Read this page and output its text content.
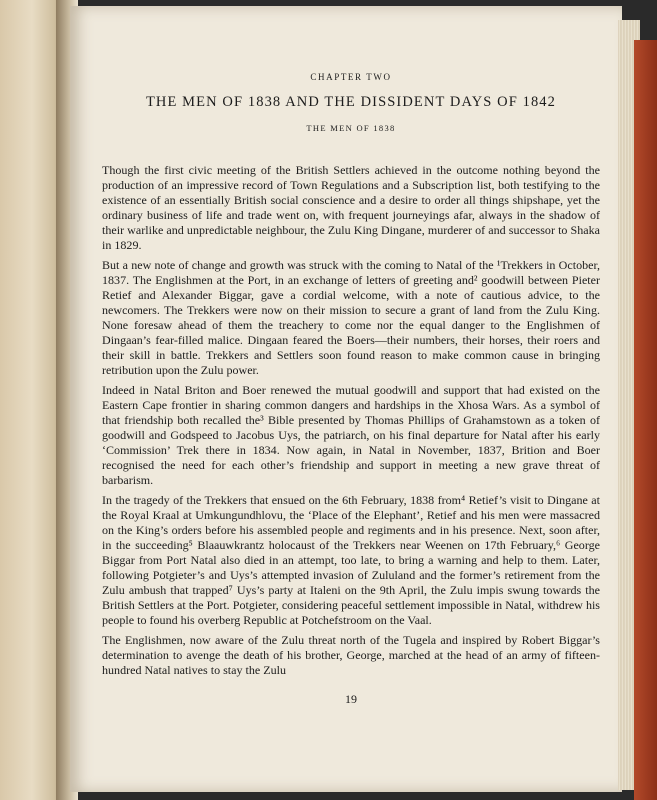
CHAPTER TWO
THE MEN OF 1838 AND THE DISSIDENT DAYS OF 1842
THE MEN OF 1838

Though the first civic meeting of the British Settlers achieved in the outcome nothing beyond the production of an impressive record of Town Regulations and a Subscription list, both testifying to the existence of an essentially British social conscience and a desire to order all things shipshape, yet the ordinary business of life and trade went on, with frequent journeyings afar, always in the shadow of their warlike and unpredictable neighbour, the Zulu King Dingane, murderer of and successor to Shaka in 1829.

But a new note of change and growth was struck with the coming to Natal of the ¹Trekkers in October, 1837. The Englishmen at the Port, in an exchange of letters of greeting and² goodwill between Pieter Retief and Alexander Biggar, gave a cordial welcome, with a note of cautious advice, to the newcomers. The Trekkers were now on their mission to secure a grant of land from the Zulu King. None foresaw ahead of them the treachery to come nor the equal danger to the Englishmen of Dingaan’s fear-filled malice. Dingaan feared the Boers—their numbers, their horses, their roers and their skill in battle. Trekkers and Settlers soon found reason to make common cause in bringing retribution upon the Zulu power.

Indeed in Natal Briton and Boer renewed the mutual goodwill and support that had existed on the Eastern Cape frontier in sharing common dangers and hardships in the Xhosa Wars. As a symbol of that friendship both recalled the³ Bible presented by Thomas Phillips of Grahamstown as a token of goodwill and Godspeed to Jacobus Uys, the patriarch, on his final departure for Natal after his early ‘Commission’ Trek there in 1834. Now again, in Natal in November, 1837, Brition and Boer recognised the need for each other’s friendship and support in meeting a new grave threat of barbarism.

In the tragedy of the Trekkers that ensued on the 6th February, 1838 from⁴ Retief’s visit to Dingane at the Royal Kraal at Umkungundhlovu, the ‘Place of the Elephant’, Retief and his men were massacred on the King’s orders before his assembled people and regiments and in his presence. Next, soon after, in the succeeding⁵ Blaauwkrantz holocaust of the Trekkers near Weenen on 17th February,⁶ George Biggar from Port Natal also died in an attempt, too late, to bring a warning and help to them. Later, following Potgieter’s and Uys’s attempted invasion of Zululand and the former’s retirement from the Zulu ambush that trapped⁷ Uys’s party at Italeni on the 9th April, the Zulu impis swung towards the British Settlers at the Port. Potgieter, considering peaceful settlement impossible in Natal, withdrew his people to found his overberg Republic at Potchefstroom on the Vaal.

The Englishmen, now aware of the Zulu threat north of the Tugela and inspired by Robert Biggar’s determination to avenge the death of his brother, George, marched at the head of an army of fifteen-hundred Natal natives to stay the Zulu

19
